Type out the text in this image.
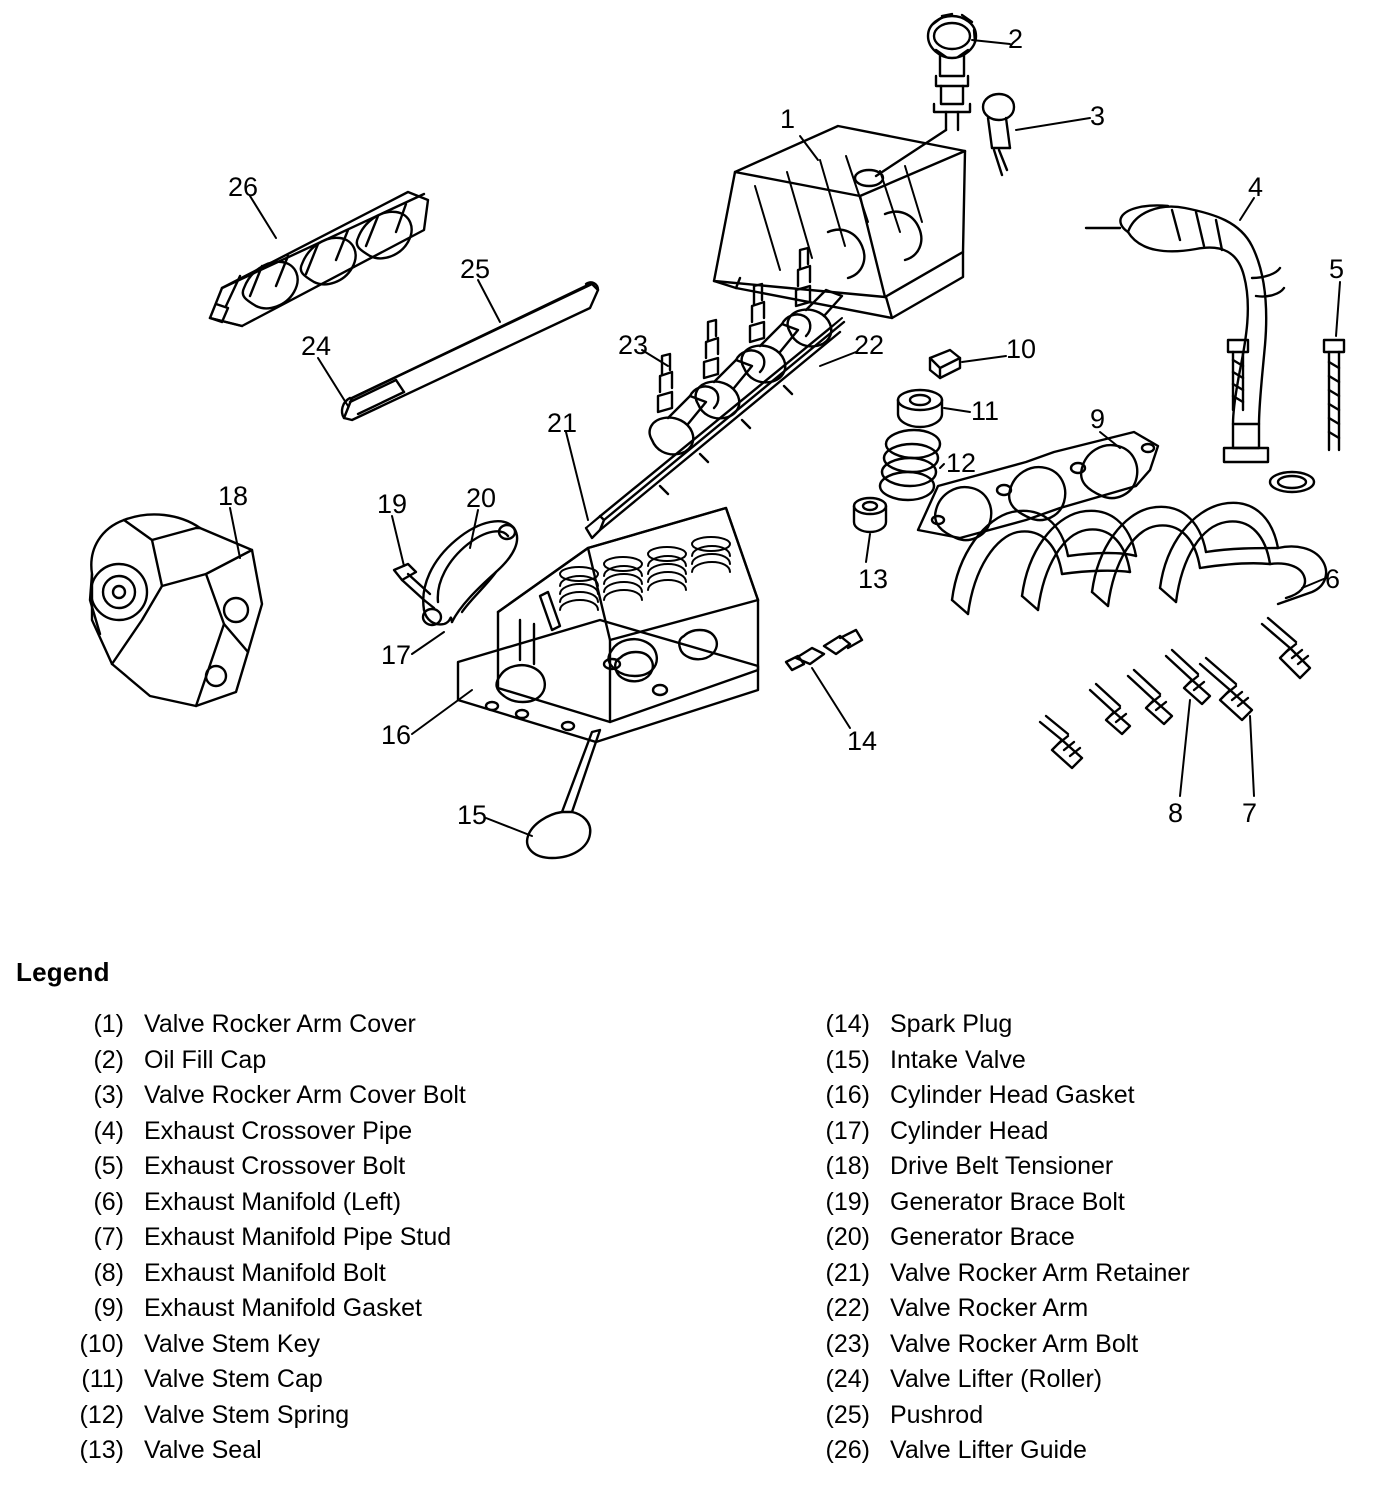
1
2
3
4
5
6
7
8
9
10
11
12
13
14
15
16
17
18	19 20
21
22
23
24
25
26
Legend
(1) Valve Rocker Arm Cover
(2) Oil Fill Cap
(3) Valve Rocker Arm Cover Bolt
(4) Exhaust Crossover Pipe
(5) Exhaust Crossover Bolt
(6) Exhaust Manifold (Left)
(7) Exhaust Manifold Pipe Stud
(8) Exhaust Manifold Bolt
(9) Exhaust Manifold Gasket
(10) Valve Stem Key
(11) Valve Stem Cap
(12) Valve Stem Spring
(13) Valve Seal
(14) Spark Plug
(15) Intake Valve
(16) Cylinder Head Gasket
(17) Cylinder Head
(18) Drive Belt Tensioner
(19) Generator Brace Bolt
(20) Generator Brace
(21) Valve Rocker Arm Retainer
(22) Valve Rocker Arm
(23) Valve Rocker Arm Bolt
(24) Valve Lifter (Roller)
(25) Pushrod
(26) Valve Lifter Guide
